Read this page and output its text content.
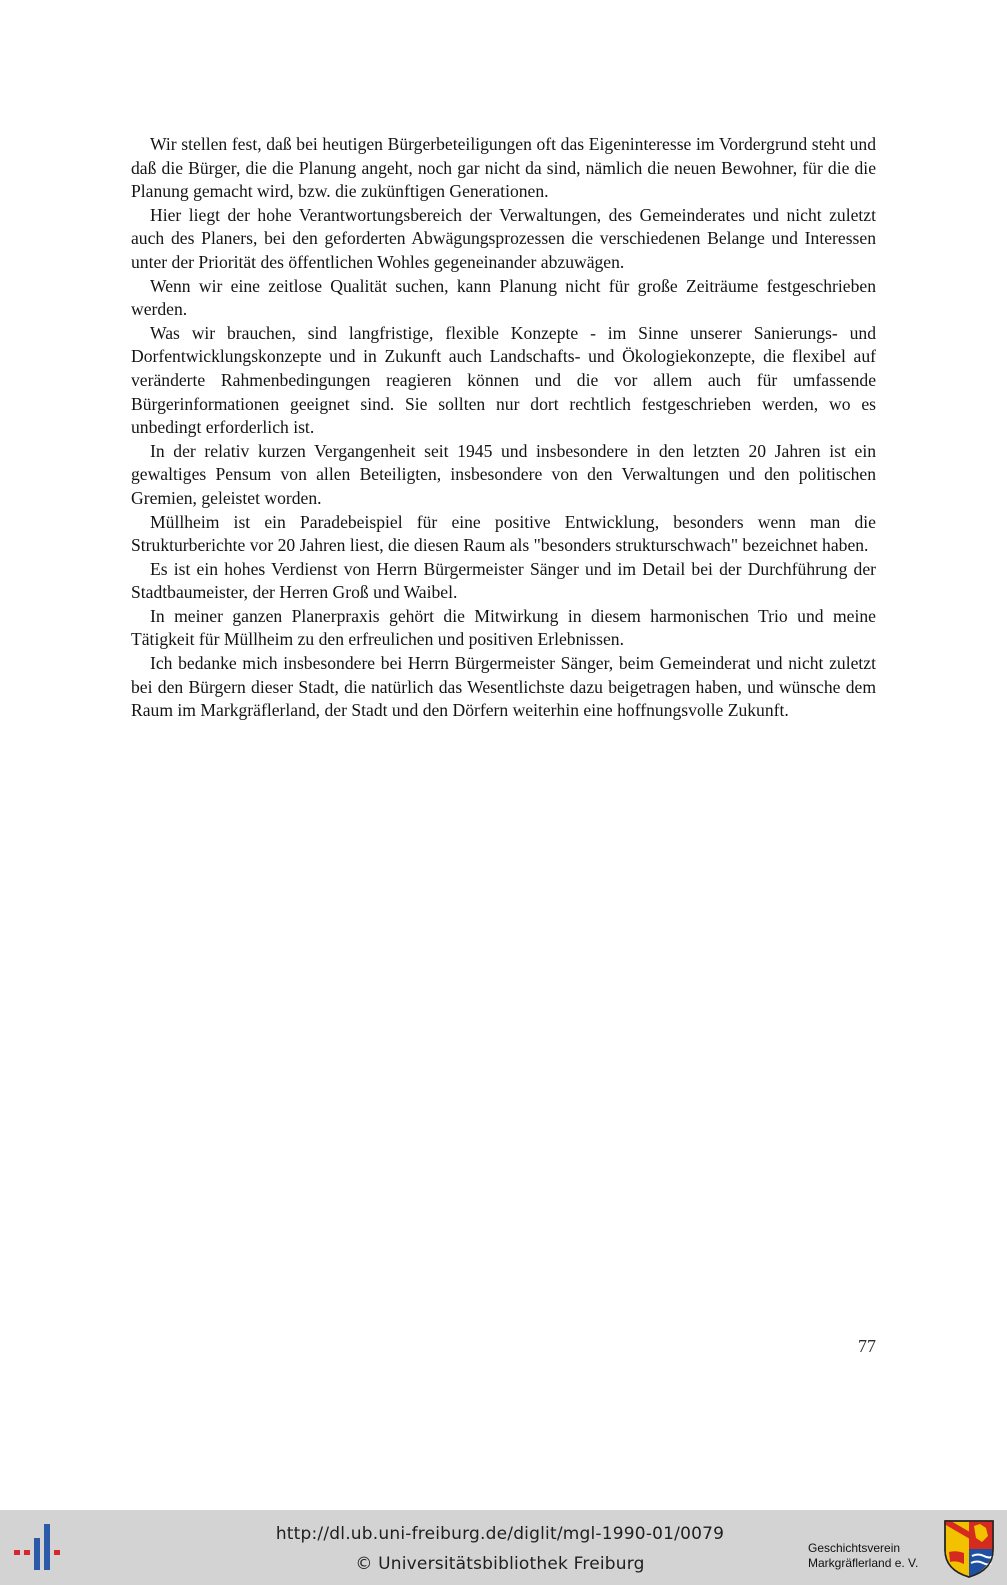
Wir stellen fest, daß bei heutigen Bürgerbeteiligungen oft das Eigeninteresse im Vordergrund steht und daß die Bürger, die die Planung angeht, noch gar nicht da sind, nämlich die neuen Bewohner, für die die Planung gemacht wird, bzw. die zukünftigen Generationen.

Hier liegt der hohe Verantwortungsbereich der Verwaltungen, des Gemeinderates und nicht zuletzt auch des Planers, bei den geforderten Abwägungsprozessen die verschiedenen Belange und Interessen unter der Priorität des öffentlichen Wohles gegeneinander abzuwägen.

Wenn wir eine zeitlose Qualität suchen, kann Planung nicht für große Zeiträume festgeschrieben werden.

Was wir brauchen, sind langfristige, flexible Konzepte - im Sinne unserer Sanierungs- und Dorfentwicklungskonzepte und in Zukunft auch Landschafts- und Ökologiekonzepte, die flexibel auf veränderte Rahmenbedingungen reagieren können und die vor allem auch für umfassende Bürgerinformationen geeignet sind. Sie sollten nur dort rechtlich festgeschrieben werden, wo es unbedingt erforderlich ist.

In der relativ kurzen Vergangenheit seit 1945 und insbesondere in den letzten 20 Jahren ist ein gewaltiges Pensum von allen Beteiligten, insbesondere von den Verwaltungen und den politischen Gremien, geleistet worden.

Müllheim ist ein Paradebeispiel für eine positive Entwicklung, besonders wenn man die Strukturberichte vor 20 Jahren liest, die diesen Raum als "besonders strukturschwach" bezeichnet haben.

Es ist ein hohes Verdienst von Herrn Bürgermeister Sänger und im Detail bei der Durchführung der Stadtbaumeister, der Herren Groß und Waibel.

In meiner ganzen Planerpraxis gehört die Mitwirkung in diesem harmonischen Trio und meine Tätigkeit für Müllheim zu den erfreulichen und positiven Erlebnissen.

Ich bedanke mich insbesondere bei Herrn Bürgermeister Sänger, beim Gemeinderat und nicht zuletzt bei den Bürgern dieser Stadt, die natürlich das Wesentlichste dazu beigetragen haben, und wünsche dem Raum im Markgräflerland, der Stadt und den Dörfern weiterhin eine hoffnungsvolle Zukunft.

77
http://dl.ub.uni-freiburg.de/diglit/mgl-1990-01/0079
© Universitätsbibliothek Freiburg
Geschichtsverein
Markgräflerland e. V.
